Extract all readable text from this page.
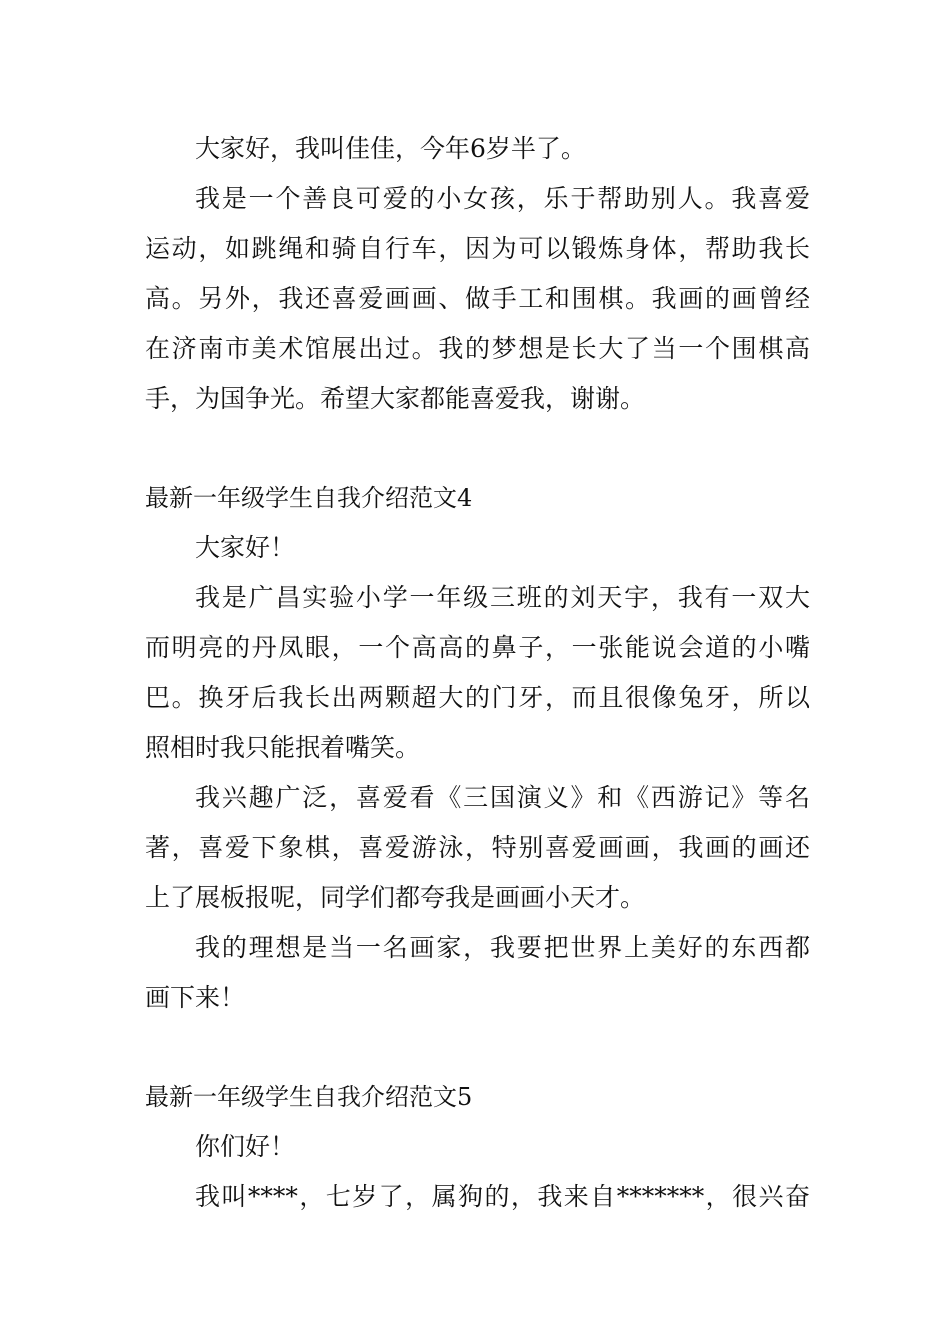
大家好，我叫佳佳，今年6岁半了。
我是一个善良可爱的小女孩，乐于帮助别人。我喜爱
运动，如跳绳和骑自行车，因为可以锻炼身体，帮助我长
高。另外，我还喜爱画画、做手工和围棋。我画的画曾经
在济南市美术馆展出过。我的梦想是长大了当一个围棋高
手，为国争光。希望大家都能喜爱我，谢谢。
最新一年级学生自我介绍范文4
大家好！
我是广昌实验小学一年级三班的刘天宇，我有一双大
而明亮的丹凤眼，一个高高的鼻子，一张能说会道的小嘴
巴。换牙后我长出两颗超大的门牙，而且很像兔牙，所以
照相时我只能抿着嘴笑。
我兴趣广泛，喜爱看《三国演义》和《西游记》等名
著，喜爱下象棋，喜爱游泳，特别喜爱画画，我画的画还
上了展板报呢，同学们都夸我是画画小天才。
我的理想是当一名画家，我要把世界上美好的东西都
画下来！
最新一年级学生自我介绍范文5
你们好！
我叫****，七岁了，属狗的，我来自*******，很兴奋
